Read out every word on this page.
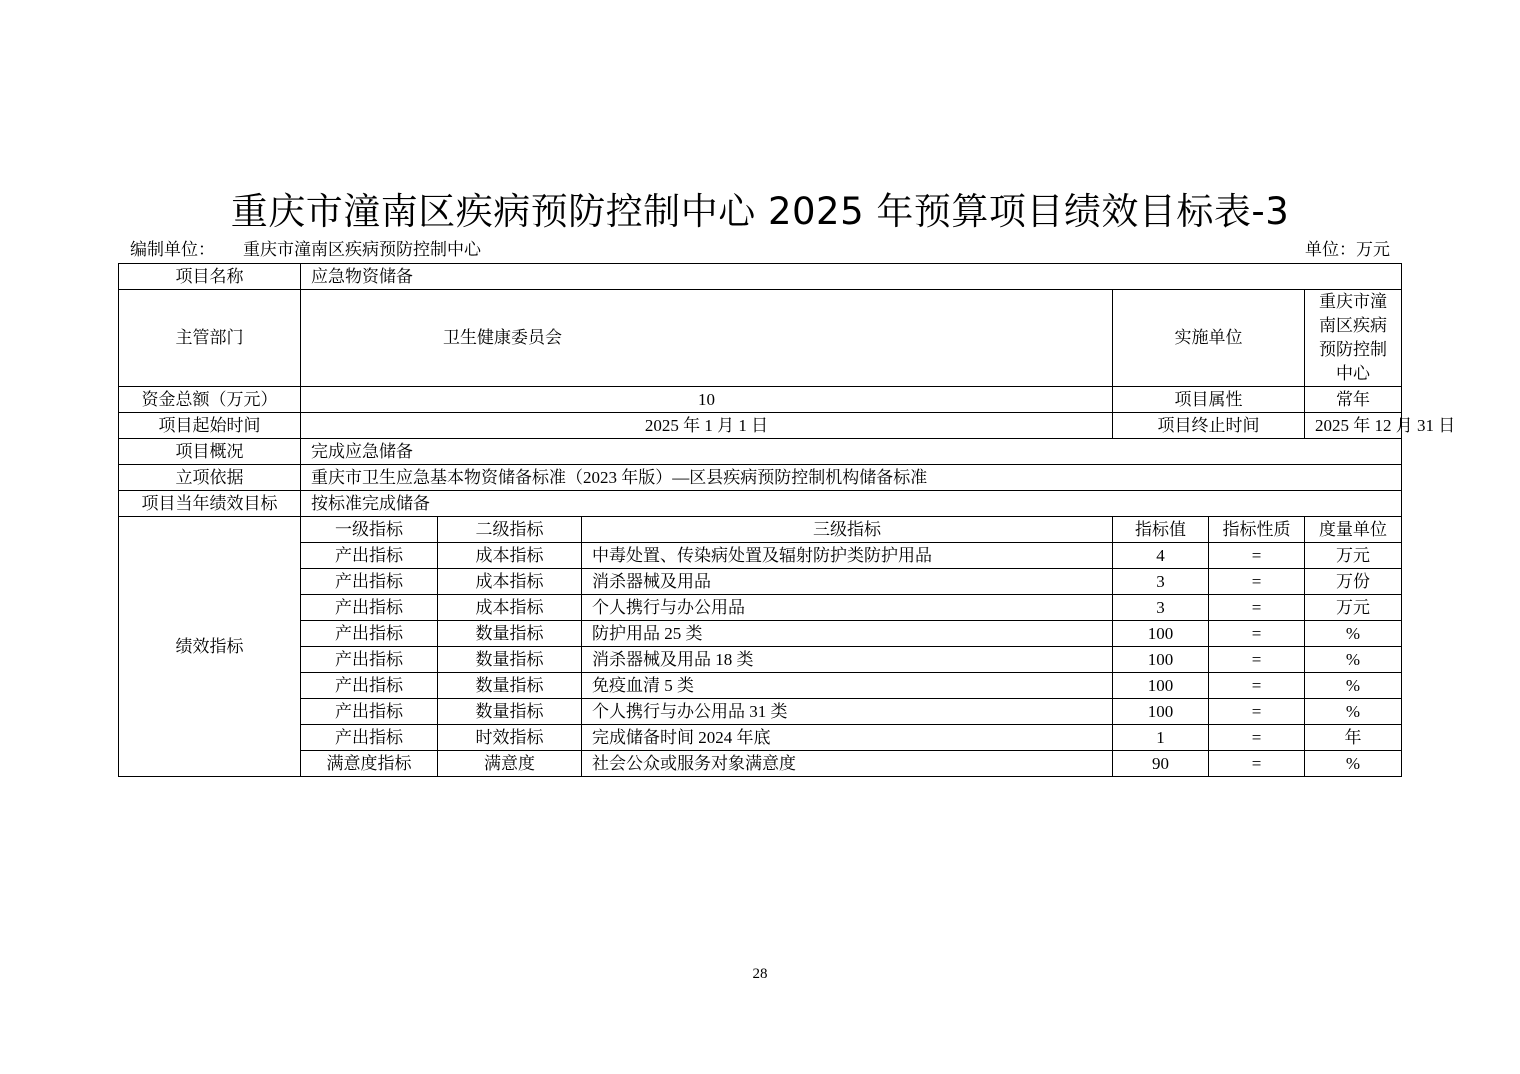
重庆市潼南区疾病预防控制中心 2025 年预算项目绩效目标表-3
编制单位： 重庆市潼南区疾病预防控制中心	单位：万元
项目名称	应急物资储备					
主管部门	卫生健康委员会			实施单位		重庆市潼南区疾病预防控制中心
资金总额（万元）	10			项目属性		常年
项目起始时间	2025 年 1 月 1 日			项目终止时间		2025 年 12 月 31 日
项目概况	完成应急储备					
立项依据	重庆市卫生应急基本物资储备标准（2023 年版）—区县疾病预防控制机构储备标准					
项目当年绩效目标	按标准完成储备					
绩效指标	一级指标	二级指标	三级指标	指标值	指标性质	度量单位
	产出指标	成本指标	中毒处置、传染病处置及辐射防护类防护用品	4	=	万元
	产出指标	成本指标	消杀器械及用品	3	=	万份
	产出指标	成本指标	个人携行与办公用品	3	=	万元
	产出指标	数量指标	防护用品 25 类	100	=	%
	产出指标	数量指标	消杀器械及用品 18 类	100	=	%
	产出指标	数量指标	免疫血清 5 类	100	=	%
	产出指标	数量指标	个人携行与办公用品 31 类	100	=	%
	产出指标	时效指标	完成储备时间 2024 年底	1	=	年
	满意度指标	满意度	社会公众或服务对象满意度	90	=	%
28
